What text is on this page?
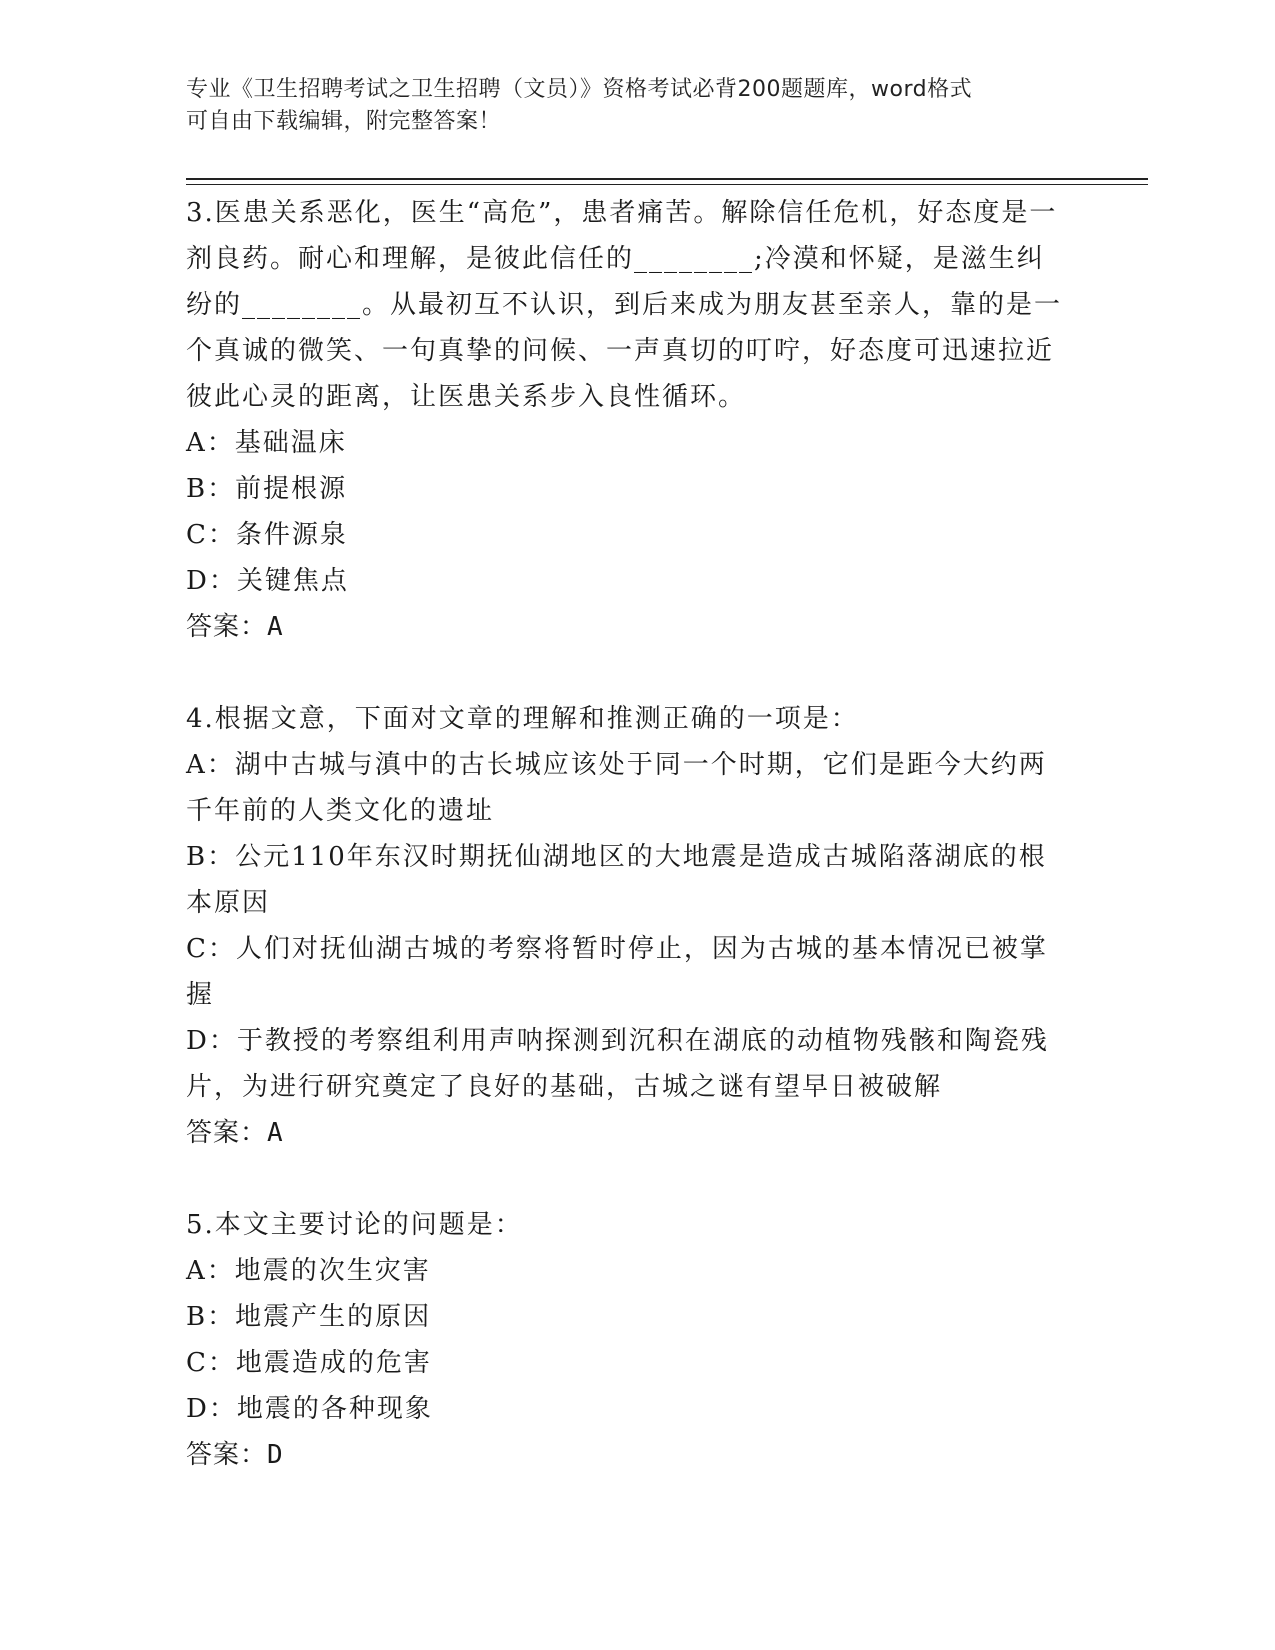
专业《卫生招聘考试之卫生招聘（文员）》资格考试必背200题题库，word格式
可自由下载编辑，附完整答案！

3.医患关系恶化，医生“高危”，患者痛苦。解除信任危机，好态度是一剂良药。耐心和理解，是彼此信任的________;冷漠和怀疑，是滋生纠纷的________。从最初互不认识，到后来成为朋友甚至亲人，靠的是一个真诚的微笑、一句真挚的问候、一声真切的叮咛，好态度可迅速拉近彼此心灵的距离，让医患关系步入良性循环。

A：基础温床

B：前提根源

C：条件源泉

D：关键焦点

答案：A

4.根据文意，下面对文章的理解和推测正确的一项是：

A：湖中古城与滇中的古长城应该处于同一个时期，它们是距今大约两千年前的人类文化的遗址

B：公元110年东汉时期抚仙湖地区的大地震是造成古城陷落湖底的根本原因

C：人们对抚仙湖古城的考察将暂时停止，因为古城的基本情况已被掌握

D：于教授的考察组利用声呐探测到沉积在湖底的动植物残骸和陶瓷残片，为进行研究奠定了良好的基础，古城之谜有望早日被破解

答案：A

5.本文主要讨论的问题是：

A：地震的次生灾害

B：地震产生的原因

C：地震造成的危害

D：地震的各种现象

答案：D
